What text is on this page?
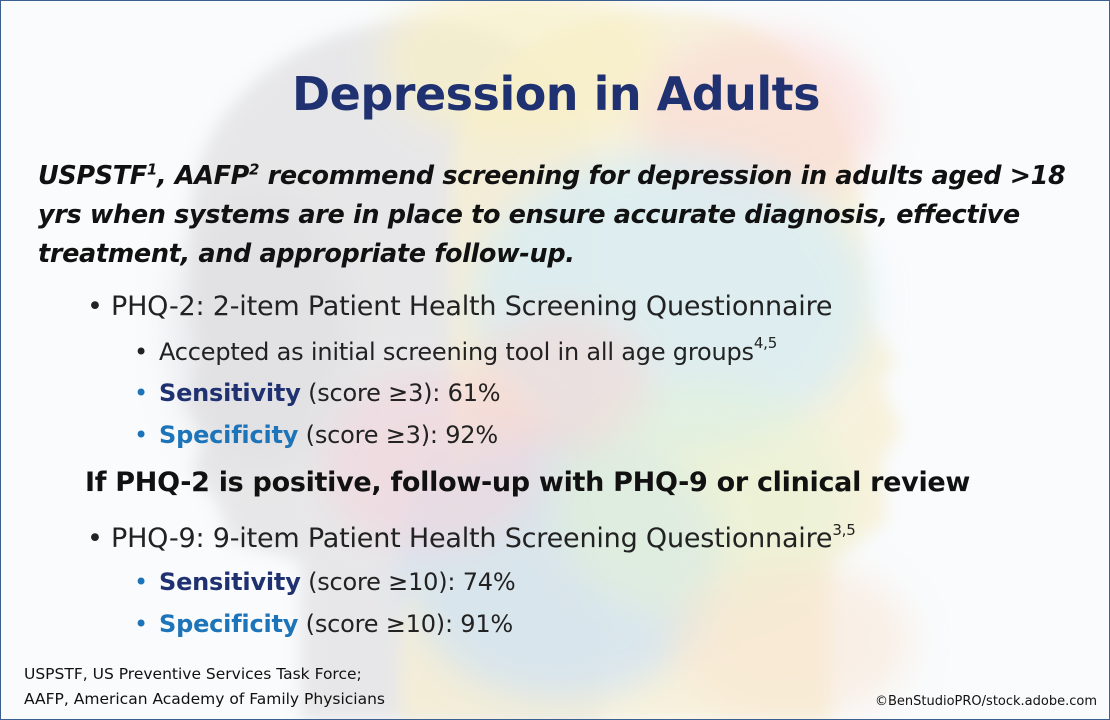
Depression in Adults
USPSTF$^1$, AAFP$^2$ recommend screening for depression in adults aged >18
yrs when systems are in place to ensure accurate diagnosis, effective
treatment, and appropriate follow-up.
• PHQ-2: 2-item Patient Health Screening Questionnaire
• Accepted as initial screening tool in all age groups$^{4,5}$
• Sensitivity (score ≥3): 61%
• Specificity (score ≥3): 92%
If PHQ-2 is positive, follow-up with PHQ-9 or clinical review
• PHQ-9: 9-item Patient Health Screening Questionnaire$^{3,5}$
• Sensitivity (score ≥10): 74%
• Specificity (score ≥10): 91%
USPSTF, US Preventive Services Task Force;
AAFP, American Academy of Family Physicians	©BenStudioPRO/stock.adobe.com
